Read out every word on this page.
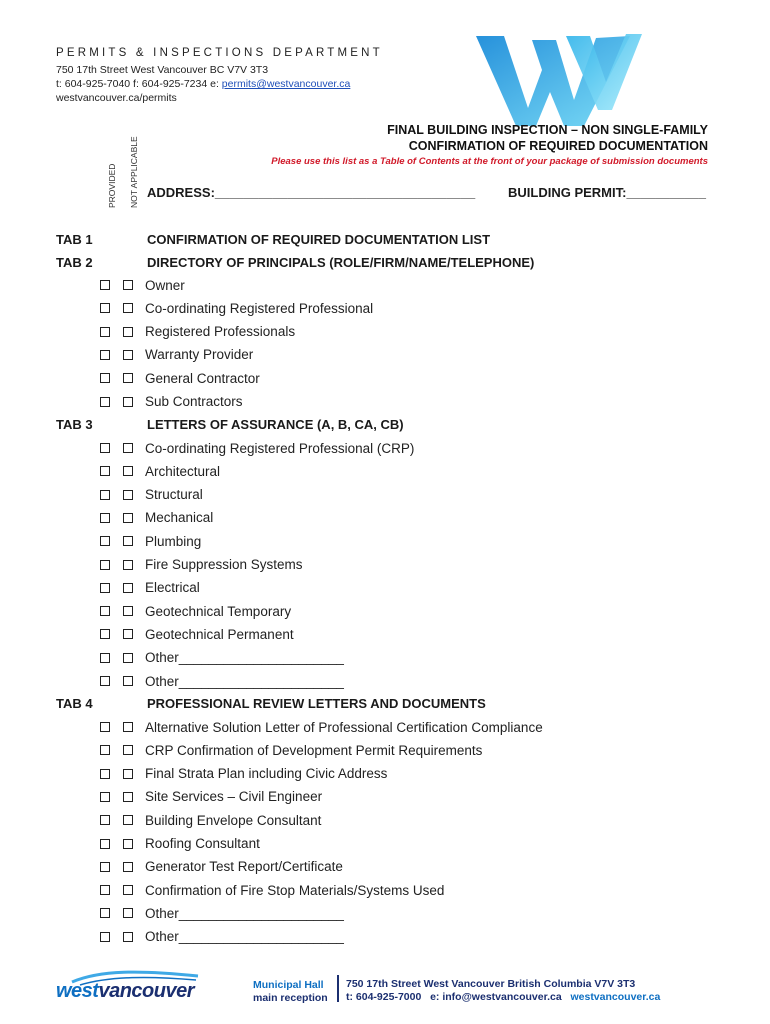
PERMITS & INSPECTIONS DEPARTMENT
750 17th Street West Vancouver BC V7V 3T3
t: 604-925-7040 f: 604-925-7234 e: permits@westvancouver.ca
westvancouver.ca/permits
PROVIDED NOT APPLICABLE
FINAL BUILDING INSPECTION – NON SINGLE-FAMILY
CONFIRMATION OF REQUIRED DOCUMENTATION
Please use this list as a Table of Contents at the front of your package of submission documents
ADDRESS:____________________________________	BUILDING PERMIT:___________
TAB 1	CONFIRMATION OF REQUIRED DOCUMENTATION LIST
TAB 2	DIRECTORY OF PRINCIPALS (ROLE/FIRM/NAME/TELEPHONE)
Owner
Co-ordinating Registered Professional
Registered Professionals
Warranty Provider
General Contractor
Sub Contractors
TAB 3	LETTERS OF ASSURANCE (A, B, CA, CB)
Co-ordinating Registered Professional (CRP)
Architectural
Structural
Mechanical
Plumbing
Fire Suppression Systems
Electrical
Geotechnical Temporary
Geotechnical Permanent
Other______________________
Other______________________
TAB 4	PROFESSIONAL REVIEW LETTERS AND DOCUMENTS
Alternative Solution Letter of Professional Certification Compliance
CRP Confirmation of Development Permit Requirements
Final Strata Plan including Civic Address
Site Services – Civil Engineer
Building Envelope Consultant
Roofing Consultant
Generator Test Report/Certificate
Confirmation of Fire Stop Materials/Systems Used
Other______________________
Other______________________
westvancouver	Municipal Hall
main reception
750 17th Street West Vancouver British Columbia V7V 3T3
t: 604-925-7000 e: info@westvancouver.ca westvancouver.ca
